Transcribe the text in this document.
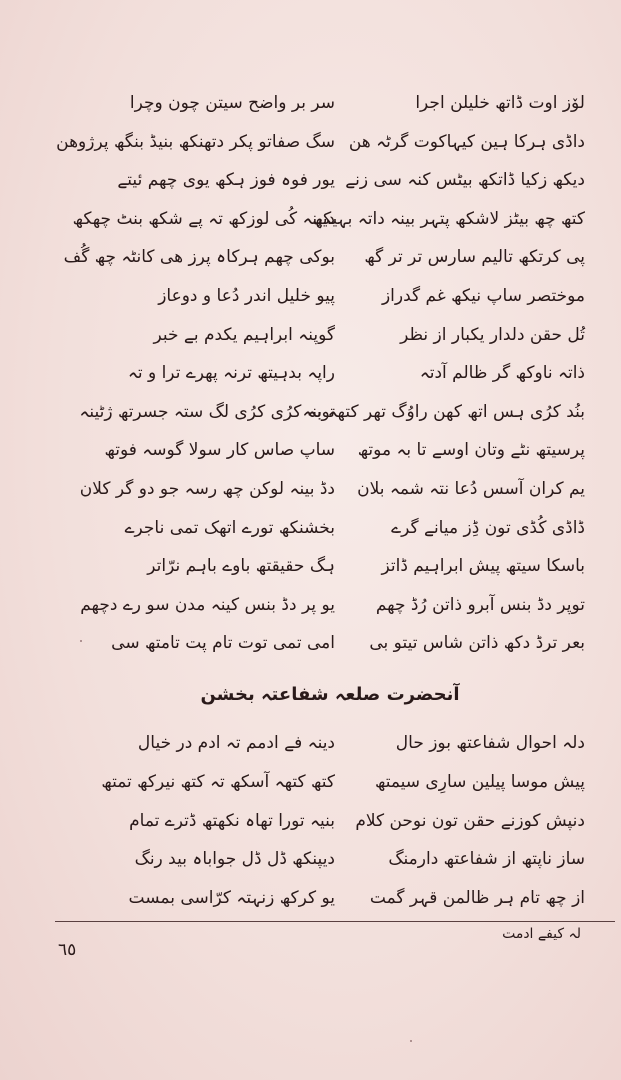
لۆز اوت ڈاتھ خلیلن اجرا
داڈی ہرکا ہین کیہاکوت گرٹہ ھن
دیکھ زکیا ڈاتکھ بیٹس کنہ سی زنے
کتھ چھ بیٹز لاشکھ پتہر بینہ داتہ بہیکھ
پی کرتکھ تالیم سارس تر تر گھ
موختصر ساپ نیکھ غم گدراز
تُل حقن دلدار یکبار از نظر
ذاتہ ناوکھ گر ظالم آدتہ
بنُد کرُی ہس اتھ کھن راوُگ تھر کتھہ بنہ
پرسیتھ نٹے وتان اوسے تا بہ موتھ
یم کران آسس دُعا نتہ شمہ بلان
ڈاڈی کُڈی تون ڈِز میانے گرے
باسکا سیتھ پیش ابراہیم ڈاتز
توپر دڈ بنس آبرو ذاتن رُڈ چھم
بعر ترڈ دکھ ذاتن شاس تیتو بی
سر بر واضح سیتن چون وچرا
سگ صفاتو پکر دتھنکھ بنیڈ بنگھ پرژوھن
یور فوہ فوز ہکھ یوی چھم ئیتے
دیپنہ کُی لوزکھ تہ پے شکھ بنٹ چھکھ
بوکی چھم ہرکاہ پرز ھی کانٹہ چھ گُف
پیو خلیل اندر دُعا و دوعاز
گوپنہ ابراہیم یکدم بے خبر
راپہ بدہیتھ ترنہ پھرے ترا و تہ
توبہ کرُی کرُی لگ ستہ جسرتھ ژٹینہ
ساپ صاس کار سولا گوسہ فوتھ
دڈ بینہ لوکن چھ رسہ جو دو گر کلان
بخشنکھ تورے اتھک تمی ناجرے
ہگ حقیقتھ باوے باہم نرّاتر
یو پر دڈ بنس کینہ مدن سو رے دچھم
امی تمی توت تام پت تامتھ سی
آنحضرت صلعہ شفاعتہ بخشن
دلہ احوال شفاعتھ بوز حال
پیش موسا پیلین سارِی سیمتھ
دنپش کوزنے حقن تون نوحن کلام
ساز ناپتھ از شفاعتھ دارمنگ
از چھ تام ہر ظالمن قہر گمت
دینہ فے ادمم تہ ادم در خیال
کتھ کتھہ آسکھ تہ کتھ نیرکھ تمتھ
بنیہ تورا تھاہ نکھتھ ڈترے تمام
دیپنکھ ڈل ڈل جواباہ بید رنگ
یو کرکھ زنہتہ کرّاسی بمست
لہ کیفے ادمت
٦٥
